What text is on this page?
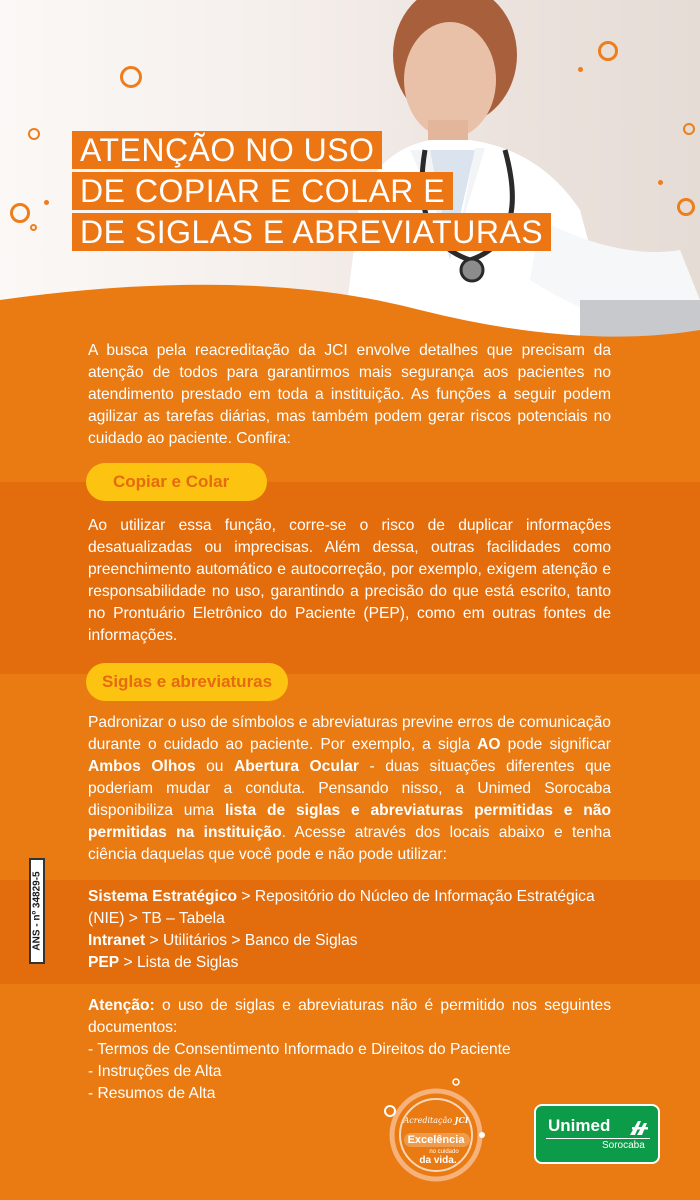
ATENÇÃO NO USO
DE COPIAR E COLAR E
DE SIGLAS E ABREVIATURAS

A busca pela reacreditação da JCI envolve detalhes que precisam da atenção de todos para garantirmos mais segurança aos pacientes no atendimento prestado em toda a instituição. As funções a seguir podem agilizar as tarefas diárias, mas também podem gerar riscos potenciais no cuidado ao paciente. Confira:

Copiar e Colar

Ao utilizar essa função, corre-se o risco de duplicar informações desatualizadas ou imprecisas. Além dessa, outras facilidades como preenchimento automático e autocorreção, por exemplo, exigem atenção e responsabilidade no uso, garantindo a precisão do que está escrito, tanto no Prontuário Eletrônico do Paciente (PEP), como em outras fontes de informações.

Siglas e abreviaturas

Padronizar o uso de símbolos e abreviaturas previne erros de comunicação durante o cuidado ao paciente. Por exemplo, a sigla AO pode significar Ambos Olhos ou Abertura Ocular - duas situações diferentes que poderiam mudar a conduta. Pensando nisso, a Unimed Sorocaba disponibiliza uma lista de siglas e abreviaturas permitidas e não permitidas na instituição. Acesse através dos locais abaixo e tenha ciência daquelas que você pode e não pode utilizar:

Sistema Estratégico > Repositório do Núcleo de Informação Estratégica (NIE) > TB – Tabela
Intranet > Utilitários > Banco de Siglas
PEP > Lista de Siglas

Atenção: o uso de siglas e abreviaturas não é permitido nos seguintes documentos:

- Termos de Consentimento Informado e Direitos do Paciente
- Instruções de Alta
- Resumos de Alta

ANS - nº 34829-5
Acreditação JCI
Excelência
no cuidado
da vida.
Unimed
Sorocaba
